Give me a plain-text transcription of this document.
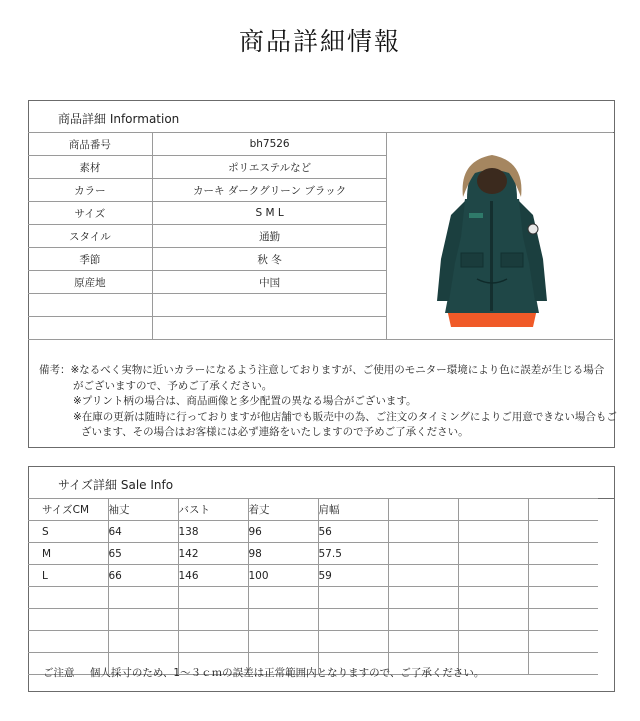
商品詳細情報
商品詳細 Information
商品番号	bh7526	

素材	ポリエステルなど	
カラー	カーキ ダークグリーン ブラック	
サイズ	S M L	
スタイル	通勤	
季節	秋 冬	
原産地	中国	

備考：※なるべく実物に近いカラーになるよう注意しておりますが、ご使用のモニター環境により色に誤差が生じる場合
がございますので、予めご了承ください。
※プリント柄の場合は、商品画像と多少配置の異なる場合がございます。
※在庫の更新は随時に行っておりますが他店舗でも販売中の為、ご注文のタイミングによりご用意できない場合もご
ざいます、その場合はお客様には必ず連絡をいたしますので予めご了承ください。
サイズ詳細 Sale Info
サイズCM	袖丈	バスト	着丈	肩幅			
S	64	138	96	56			
M	65	142	98	57.5			
L	66	146	100	59			

ご注意 個人採寸のため、1～３ｃｍの誤差は正常範囲内となりますので、ご了承ください。
